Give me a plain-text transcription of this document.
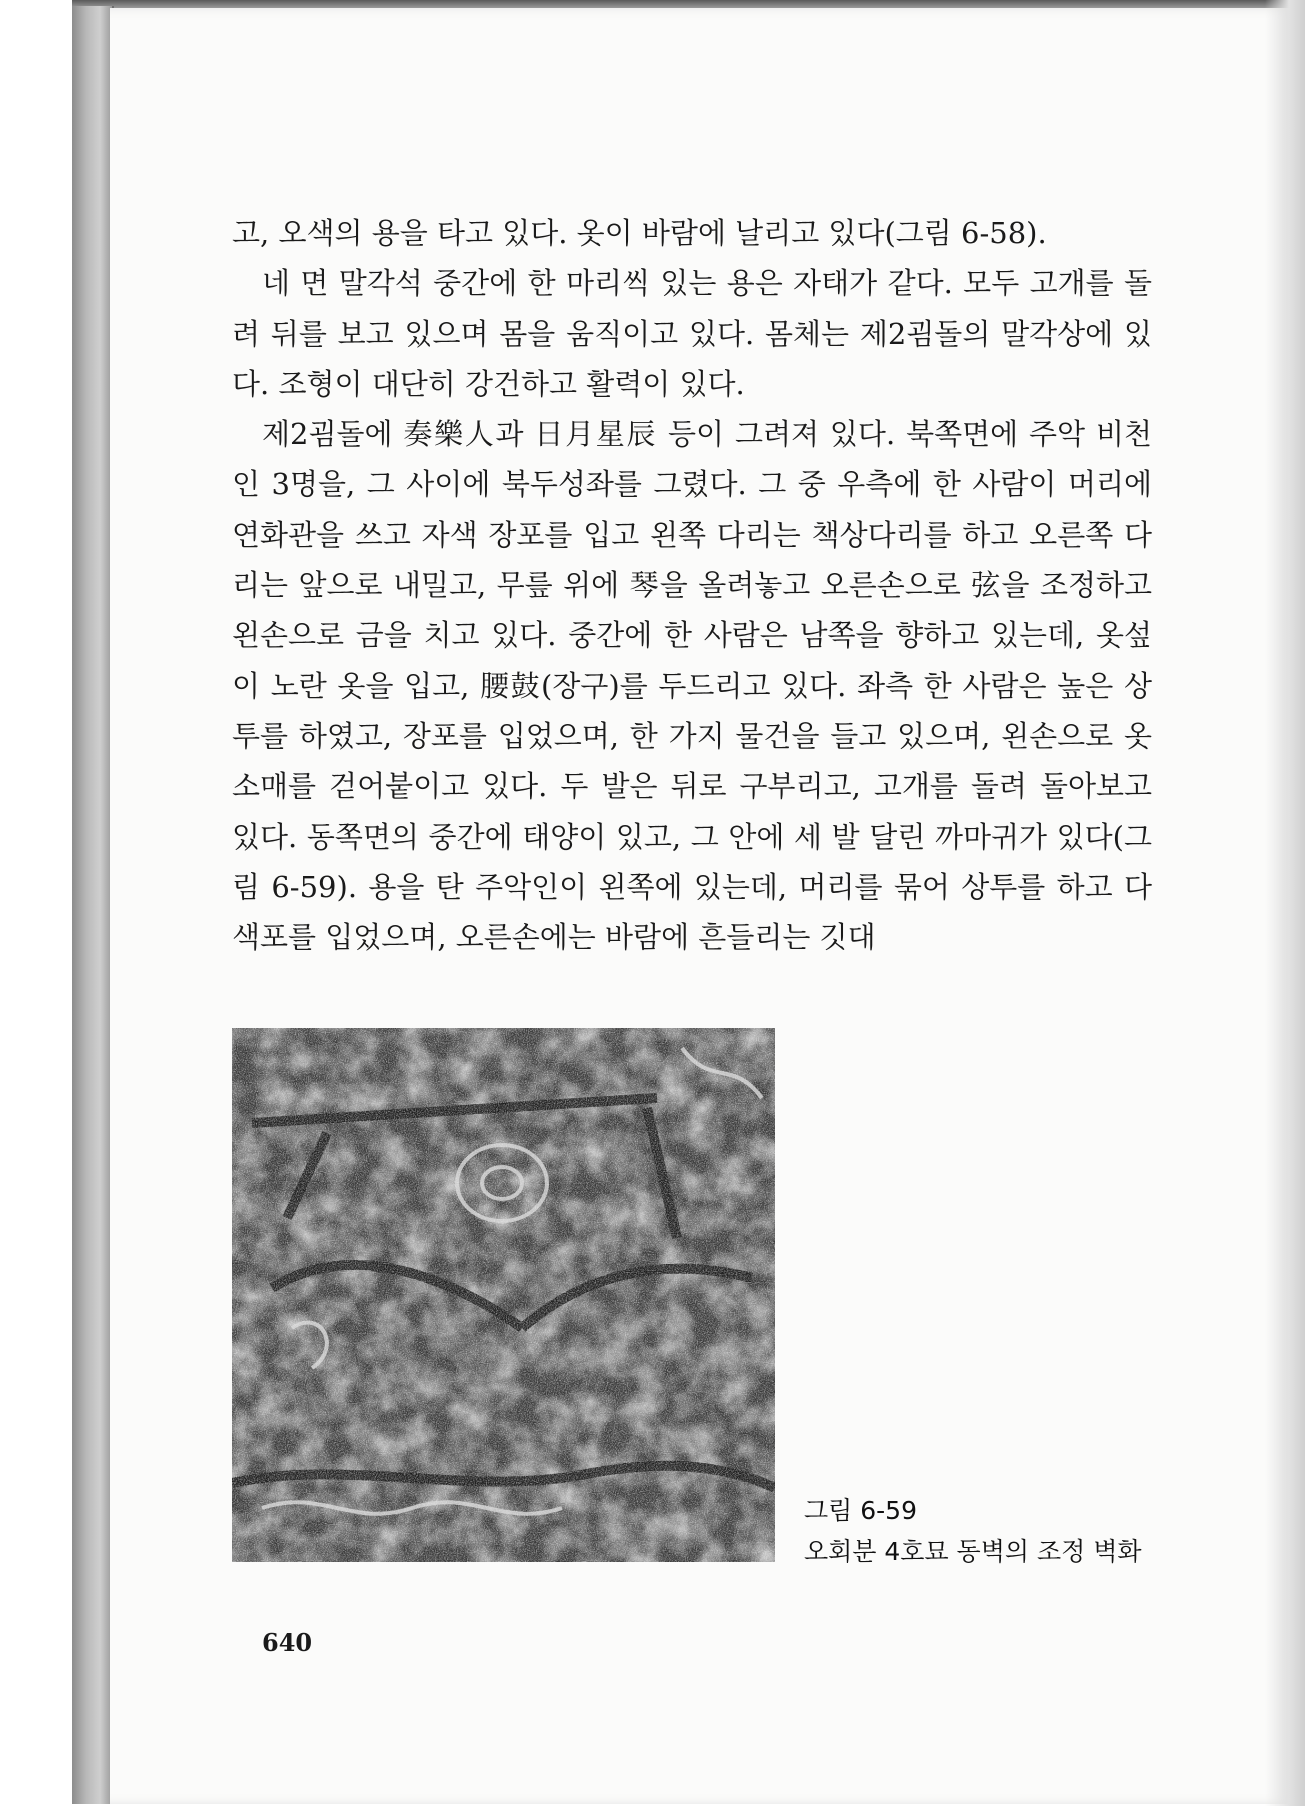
고, 오색의 용을 타고 있다. 옷이 바람에 날리고 있다(그림 6-58).

네 면 말각석 중간에 한 마리씩 있는 용은 자태가 같다. 모두 고개를 돌려 뒤를 보고 있으며 몸을 움직이고 있다. 몸체는 제2굄돌의 말각상에 있다. 조형이 대단히 강건하고 활력이 있다.

제2굄돌에 奏樂人과 日月星辰 등이 그려져 있다. 북쪽면에 주악 비천인 3명을, 그 사이에 북두성좌를 그렸다. 그 중 우측에 한 사람이 머리에 연화관을 쓰고 자색 장포를 입고 왼쪽 다리는 책상다리를 하고 오른쪽 다리는 앞으로 내밀고, 무릎 위에 琴을 올려놓고 오른손으로 弦을 조정하고 왼손으로 금을 치고 있다. 중간에 한 사람은 남쪽을 향하고 있는데, 옷섶이 노란 옷을 입고, 腰鼓(장구)를 두드리고 있다. 좌측 한 사람은 높은 상투를 하였고, 장포를 입었으며, 한 가지 물건을 들고 있으며, 왼손으로 옷소매를 걷어붙이고 있다. 두 발은 뒤로 구부리고, 고개를 돌려 돌아보고 있다. 동쪽면의 중간에 태양이 있고, 그 안에 세 발 달린 까마귀가 있다(그림 6-59). 용을 탄 주악인이 왼쪽에 있는데, 머리를 묶어 상투를 하고 다색포를 입었으며, 오른손에는 바람에 흔들리는 깃대

그림 6-59
오회분 4호묘 동벽의 조정 벽화
640
